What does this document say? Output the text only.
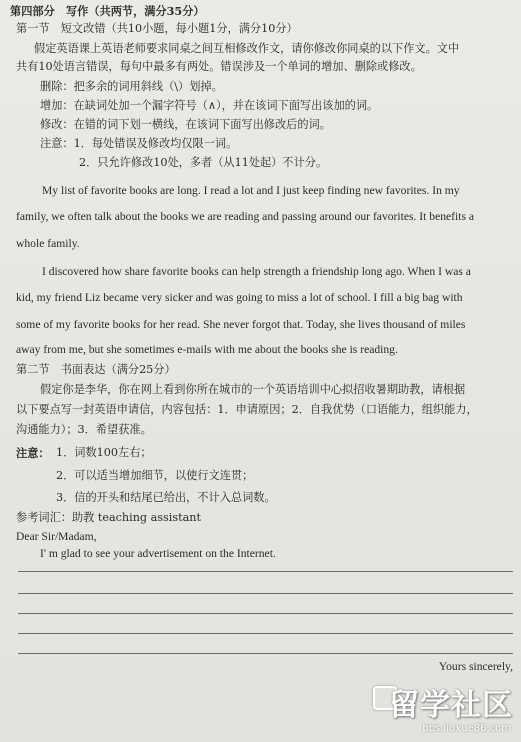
第四部分　写作（共两节，满分35分）
第一节　短文改错（共10小题，每小题1分，满分10分）
假定英语课上英语老师要求同桌之间互相修改作文，请你修改你同桌的以下作文。文中
共有10处语言错误，每句中最多有两处。错误涉及一个单词的增加、删除或修改。
删除：把多余的词用斜线（\）划掉。
增加：在缺词处加一个漏字符号（∧），并在该词下面写出该加的词。
修改：在错的词下划一横线，在该词下面写出修改后的词。
注意：1．每处错误及修改均仅限一词。
2．只允许修改10处，多者（从11处起）不计分。
My list of favorite books are long. I read a lot and I just keep finding new favorites. In my
family, we often talk about the books we are reading and passing around our favorites. It benefits a
whole family.
I discovered how share favorite books can help strength a friendship long ago. When I was a
kid, my friend Liz became very sicker and was going to miss a lot of school. I fill a big bag with
some of my favorite books for her read. She never forgot that. Today, she lives thousand of miles
away from me, but she sometimes e-mails with me about the books she is reading.
第二节　书面表达（满分25分）
假定你是李华，你在网上看到你所在城市的一个英语培训中心拟招收暑期助教，请根据
以下要点写一封英语申请信，内容包括：1．申请原因；2．自我优势（口语能力，组织能力，
沟通能力）；3．希望获准。
注意： 1．词数100左右；
2．可以适当增加细节，以使行文连贯；
3．信的开头和结尾已给出，不计入总词数。
参考词汇：助教 teaching assistant
Dear Sir/Madam,
I' m glad to see your advertisement on the Internet.
Yours sincerely,
留学社区
bbs.liuxue86.com
